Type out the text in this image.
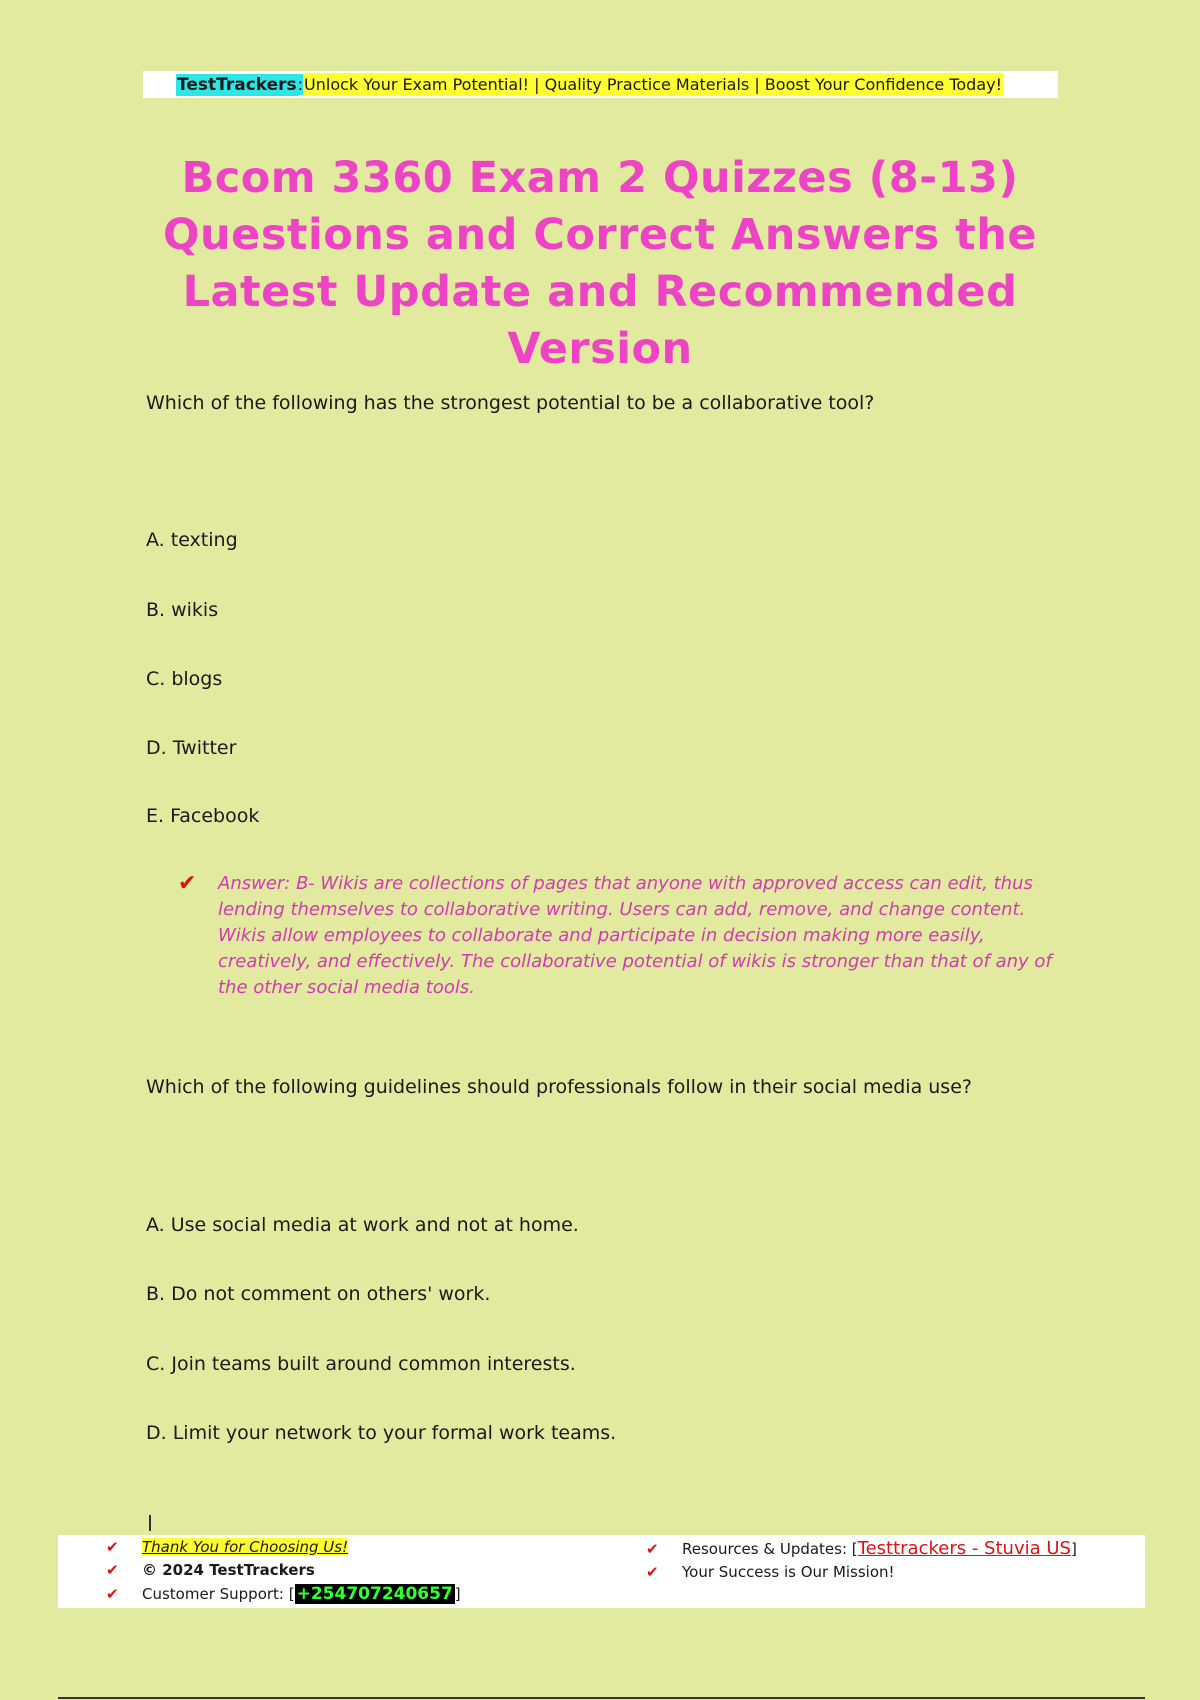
TestTrackers : Unlock Your Exam Potential! | Quality Practice Materials | Boost Your Confidence Today!
Bcom 3360 Exam 2 Quizzes (8-13) Questions and Correct Answers the Latest Update and Recommended Version
Which of the following has the strongest potential to be a collaborative tool?
A. texting
B. wikis
C. blogs
D. Twitter
E. Facebook
✔	Answer: B- Wikis are collections of pages that anyone with approved access can edit, thus lending themselves to collaborative writing. Users can add, remove, and change content. Wikis allow employees to collaborate and participate in decision making more easily, creatively, and effectively. The collaborative potential of wikis is stronger than that of any of the other social media tools.
Which of the following guidelines should professionals follow in their social media use?
A. Use social media at work and not at home.
B. Do not comment on others' work.
C. Join teams built around common interests.
D. Limit your network to your formal work teams.
✔	Thank You for Choosing Us!
✔	© 2024 TestTrackers
✔	Customer Support: [ +254707240657 ]
✔	Resources & Updates: [ Testtrackers - Stuvia US ]
✔	Your Success is Our Mission!
